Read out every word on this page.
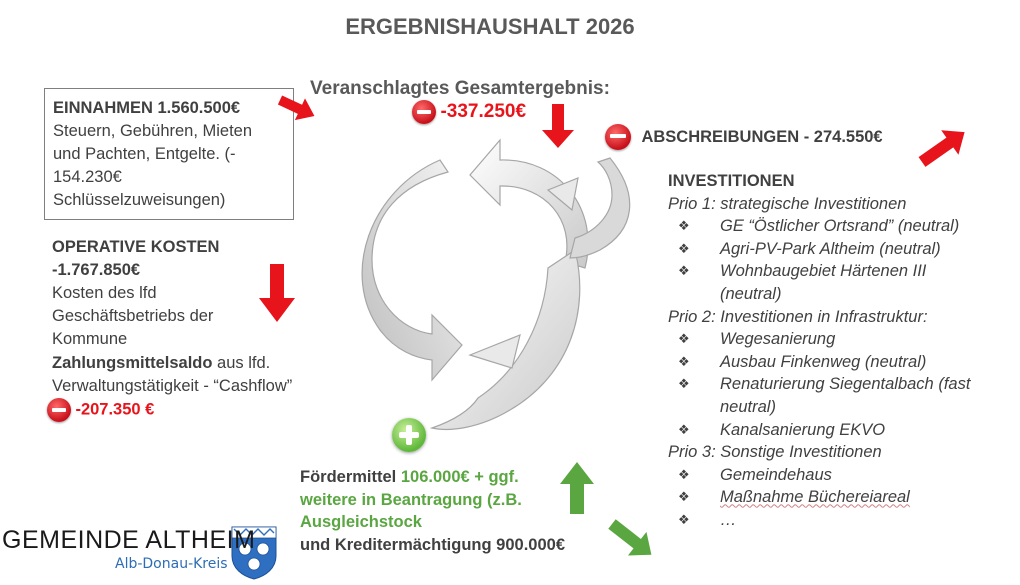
ERGEBNISHAUSHALT 2026
Veranschlagtes Gesamtergebnis:
-337.250€
EINNAHMEN 1.560.500€
Steuern, Gebühren, Mieten
und Pachten, Entgelte. (-
154.230€
Schlüsselzuweisungen)
OPERATIVE KOSTEN
-1.767.850€
Kosten des lfd
Geschäftsbetriebs der
Kommune
Zahlungsmittelsaldo aus lfd.
Verwaltungstätigkeit - “Cashflow”
-207.350 €
ABSCHREIBUNGEN - 274.550€
INVESTITIONEN
Prio 1: strategische Investitionen
❖ GE “Östlicher Ortsrand” (neutral)
❖ Agri-PV-Park Altheim (neutral)
❖ Wohnbaugebiet Härtenen III
(neutral)
Prio 2: Investitionen in Infrastruktur:
❖ Wegesanierung
❖ Ausbau Finkenweg (neutral)
❖ Renaturierung Siegentalbach (fast
neutral)
❖ Kanalsanierung EKVO
Prio 3: Sonstige Investitionen
❖ Gemeindehaus
❖ Maßnahme Büchereiareal
❖ …
Fördermittel 106.000€ + ggf.
weitere in Beantragung (z.B.
Ausgleichstock
und Kreditermächtigung 900.000€
GEMEINDE ALTHEIM
Alb-Donau-Kreis
